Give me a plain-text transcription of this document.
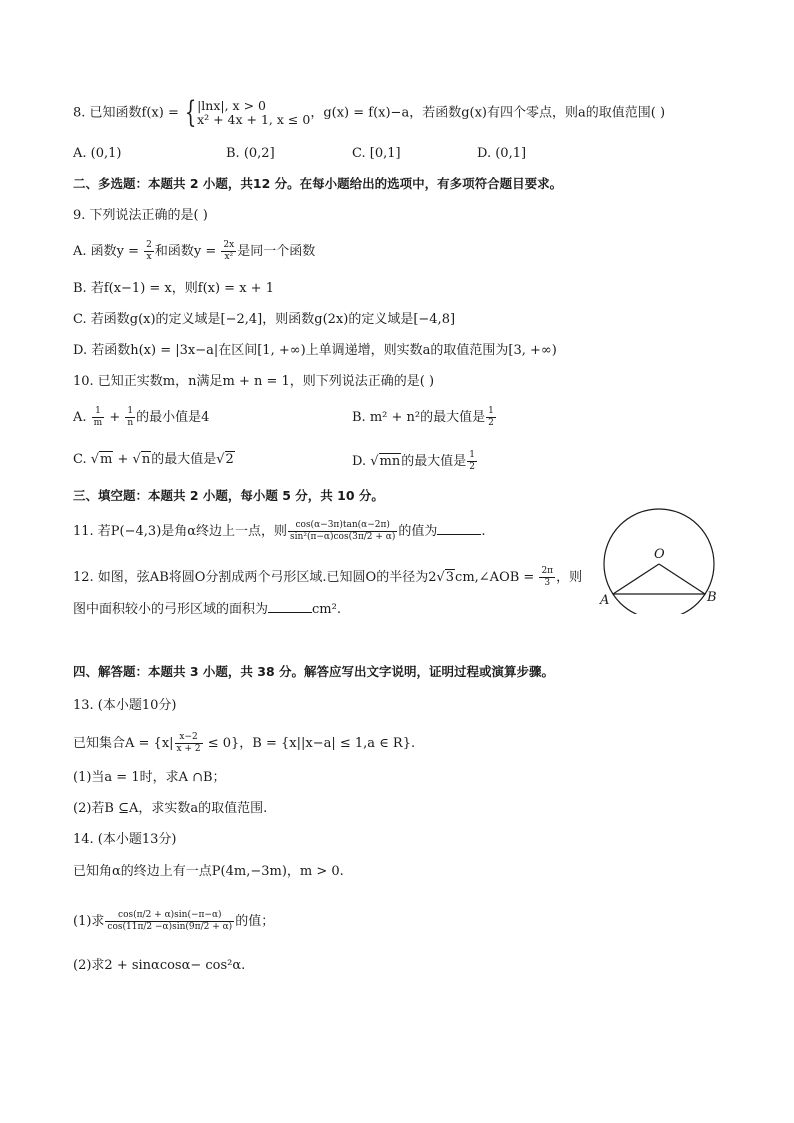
8. 已知函数f(x) = { |lnx|, x > 0
x² + 4x + 1, x ≤ 0 ，g(x) = f(x)−a，若函数g(x)有四个零点，则a的取值范围( )
A. (0,1)	B. (0,2]	C. [0,1]	D. (0,1]
二、多选题：本题共 2 小题，共12 分。在每小题给出的选项中，有多项符合题目要求。
9. 下列说法正确的是( )
A. 函数$y = \frac{2}{x}$ 和函数$y = \frac{2x}{\text{x²}}$ 是同一个函数
B. 若f(x−1) = x，则f(x) = x + 1
C. 若函数g(x)的定义域是[−2,4]，则函数g(2x)的定义域是[−4,8]
D. 若函数h(x) = |3x−a|在区间[1, +∞)上单调递增，则实数a的取值范围为[3, +∞)
10. 已知正实数m，n满足m + n = 1，则下列说法正确的是( )
A. $\frac{1}{m} + \frac{1}{n}$ 的最小值是4	B. m² + n²的最大值是 $\frac{1}{2}$
C. √m + √n的最大值是√2	D. √mn的最大值是 $\frac{1}{2}$
三、填空题：本题共 2 小题，每小题 5 分，共 10 分。
11. 若P(−4,3)是角α终边上一点，则 $\frac{\cos(\alpha-3\pi)\tan(\alpha-2\pi)}{\text{sin²(π−α)cos(3π/2 + α)}}$ 的值为	.
12. 如图，弦AB将圆O分割成两个弓形区域.已知圆O的半径为2√3cm,∠AOB = $\frac{2\pi}{3}$ ，则
图中面积较小的弓形区域的面积为	cm².
O
A	B
四、解答题：本题共 3 小题，共 38 分。解答应写出文字说明，证明过程或演算步骤。
13. (本小题10分)
已知集合$A = \{x| \frac{x-2}{x + 2} \le 0\}$，B = {x||x−a| ≤ 1,a ∈ R}.
(1)当a = 1时，求A ∩B；
(2)若B ⊆A，求实数a的取值范围.
14. (本小题13分)
已知角α的终边上有一点P(4m,−3m)，m > 0.
(1)求 $\frac{\cos(\pi/2 + \alpha)\sin(-\pi-\alpha)}{\cos(11\pi/2 -\alpha)\sin(9\pi/2 + \alpha)}$ 的值；
(2)求2 + sinαcosα− cos²α.
